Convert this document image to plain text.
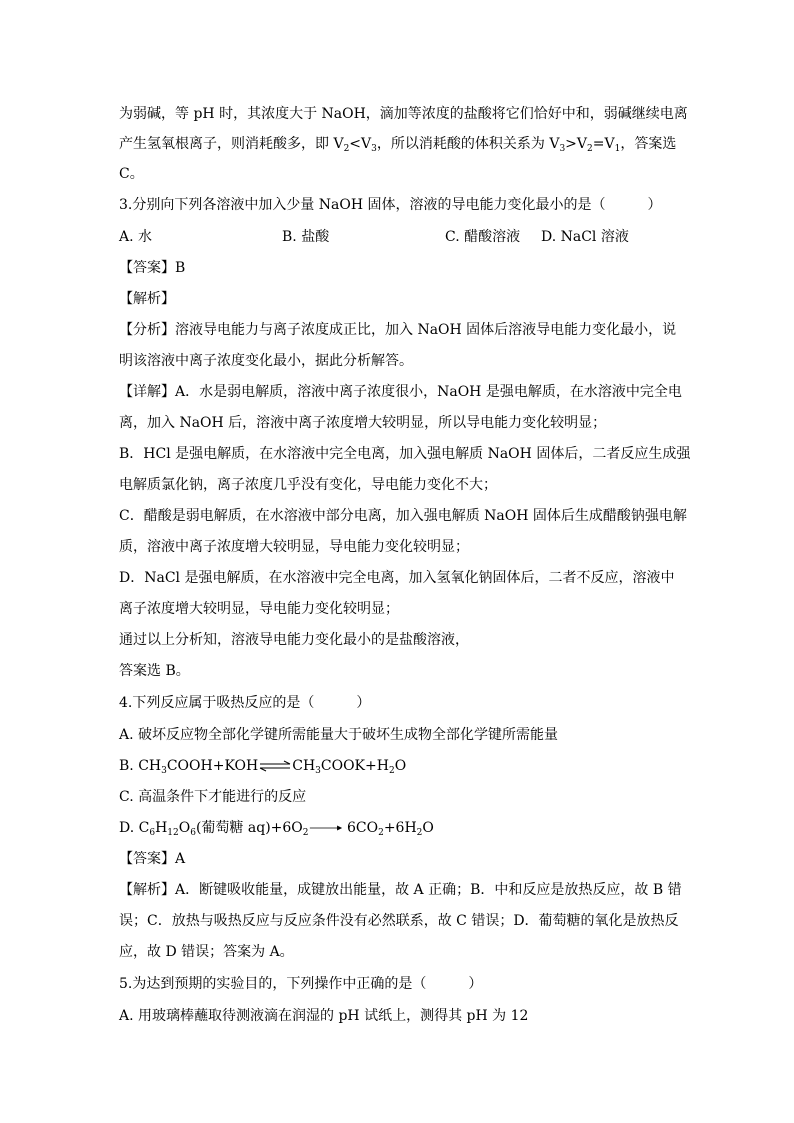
为弱碱，等 pH 时，其浓度大于 NaOH，滴加等浓度的盐酸将它们恰好中和，弱碱继续电离
产生氢氧根离子，则消耗酸多，即 $V_2<V_3$，所以消耗酸的体积关系为 $V_3>V_2=V_1$，答案选
C。
3.分别向下列各溶液中加入少量 NaOH 固体，溶液的导电能力变化最小的是（　　　）
A. 水	B. 盐酸	C. 醋酸溶液 D. NaCl 溶液
【答案】B
【解析】
【分析】溶液导电能力与离子浓度成正比，加入 NaOH 固体后溶液导电能力变化最小，说
明该溶液中离子浓度变化最小，据此分析解答。
【详解】A．水是弱电解质，溶液中离子浓度很小，NaOH 是强电解质，在水溶液中完全电
离，加入 NaOH 后，溶液中离子浓度增大较明显，所以导电能力变化较明显；
B．HCl 是强电解质，在水溶液中完全电离，加入强电解质 NaOH 固体后，二者反应生成强
电解质氯化钠，离子浓度几乎没有变化，导电能力变化不大；
C．醋酸是弱电解质，在水溶液中部分电离，加入强电解质 NaOH 固体后生成醋酸钠强电解
质，溶液中离子浓度增大较明显，导电能力变化较明显；
D．NaCl 是强电解质，在水溶液中完全电离，加入氢氧化钠固体后，二者不反应，溶液中
离子浓度增大较明显，导电能力变化较明显；
通过以上分析知，溶液导电能力变化最小的是盐酸溶液，
答案选 B。
4.下列反应属于吸热反应的是（　　　）
A. 破坏反应物全部化学键所需能量大于破坏生成物全部化学键所需能量
B. $CH_3COOH+KOH\rightleftharpoons CH_3COOK+H_2O$
C. 高温条件下才能进行的反应
D. $C_6H_{12}O_6$(葡萄糖 $aq)+6O_2\to 6CO_2+6H_2O$
【答案】A
【解析】A．断键吸收能量，成键放出能量，故 A 正确；B．中和反应是放热反应，故 B 错
误；C．放热与吸热反应与反应条件没有必然联系，故 C 错误；D．葡萄糖的氧化是放热反
应，故 D 错误；答案为 A。
5.为达到预期的实验目的，下列操作中正确的是（　　　）
A. 用玻璃棒蘸取待测液滴在润湿的 pH 试纸上，测得其 pH 为 12
